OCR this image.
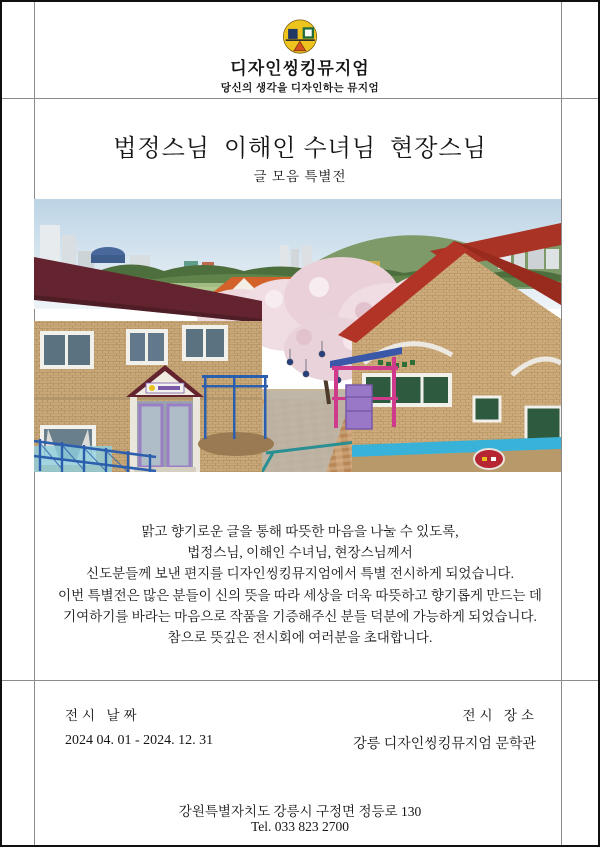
디자인씽킹뮤지엄
당신의 생각을 디자인하는 뮤지엄
법정스님  이해인 수녀님  현장스님
글 모음 특별전

맑고 향기로운 글을 통해 따뜻한 마음을 나눌 수 있도록,

법정스님, 이해인 수녀님, 현장스님께서

신도분들께 보낸 편지를 디자인씽킹뮤지엄에서 특별 전시하게 되었습니다.

이번 특별전은 많은 분들이 신의 뜻을 따라 세상을 더욱 따뜻하고 향기롭게 만드는 데

기여하기를 바라는 마음으로 작품을 기증해주신 분들 덕분에 가능하게 되었습니다.

참으로 뜻깊은 전시회에 여러분을 초대합니다.

전시 날짜	전시 장소
2024 04. 01 - 2024. 12. 31	강릉 디자인씽킹뮤지엄 문학관
강원특별자치도 강릉시 구정면 정등로 130
Tel. 033 823 2700
